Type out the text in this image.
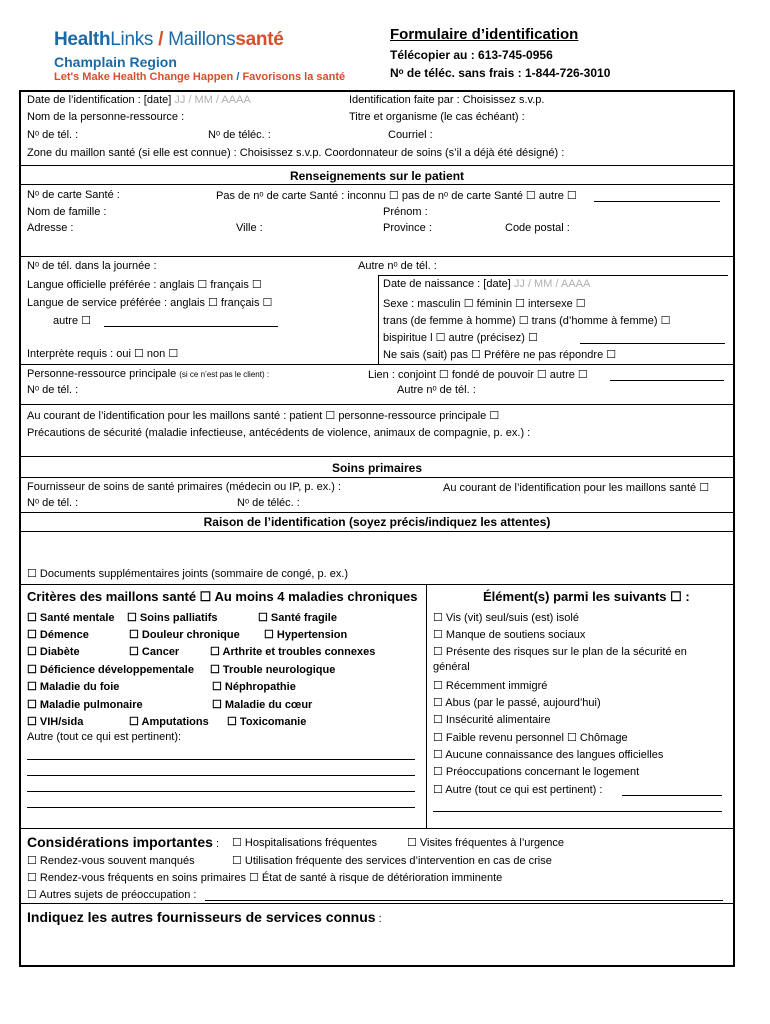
HealthLinks / Maillonssanté
Champlain Region
Let's Make Health Change Happen / Favorisons la santé
Formulaire d’identification
Télécopier au : 613-745-0956
Nᵒ de téléc. sans frais : 1-844-726-3010
Date de l’identification : [date] JJ / MM / AAAA	Identification faite par : Choisissez s.v.p.
Nom de la personne-ressource :	Titre et organisme (le cas échéant) :
Nᵒ de tél. :	Nᵒ de téléc. :	Courriel :
Zone du maillon santé (si elle est connue) : Choisissez s.v.p. Coordonnateur de soins (s’il a déjà été désigné) :
Renseignements sur le patient
Nᵒ de carte Santé :	Pas de nᵒ de carte Santé : inconnu ☐ pas de nᵒ de carte Santé ☐ autre ☐
Nom de famille :	Prénom :
Adresse :	Ville :	Province :	Code postal :
Nᵒ de tél. dans la journée :	Autre nᵒ de tél. :
Langue officielle préférée : anglais ☐ français ☐	Date de naissance : [date] JJ / MM / AAAA
Langue de service préférée : anglais ☐ français ☐	Sexe : masculin ☐ féminin ☐ intersexe ☐
autre ☐	trans (de femme à homme) ☐ trans (d’homme à femme) ☐
bispiritue l ☐ autre (précisez) ☐
Interprète requis : oui ☐ non ☐	Ne sais (sait) pas ☐ Préfère ne pas répondre ☐
Personne-ressource principale (si ce n’est pas le client) :	Lien : conjoint ☐ fondé de pouvoir ☐ autre ☐
Nᵒ de tél. :	Autre nᵒ de tél. :
Au courant de l’identification pour les maillons santé : patient ☐ personne-ressource principale ☐
Précautions de sécurité (maladie infectieuse, antécédents de violence, animaux de compagnie, p. ex.) :
Soins primaires
Fournisseur de soins de santé primaires (médecin ou IP, p. ex.) :	Au courant de l’identification pour les maillons santé ☐
Nᵒ de tél. :	Nᵒ de téléc. :
Raison de l’identification (soyez précis/indiquez les attentes)
☐ Documents supplémentaires joints (sommaire de congé, p. ex.)
Critères des maillons santé ☐ Au moins 4 maladies chroniques
☐ Santé mentale ☐ Soins palliatifs	☐ Santé fragile
☐ Démence	☐ Douleur chronique ☐ Hypertension
☐ Diabète	☐ Cancer	☐ Arthrite et troubles connexes
☐ Déficience développementale ☐ Trouble neurologique
☐ Maladie du foie	☐ Néphropathie
☐ Maladie pulmonaire	☐ Maladie du cœur
☐ VIH/sida	☐ Amputations ☐ Toxicomanie
Autre (tout ce qui est pertinent):
Élément(s) parmi les suivants ☐ :
☐ Vis (vit) seul/suis (est) isolé
☐ Manque de soutiens sociaux
☐ Présente des risques sur le plan de la sécurité en
général
☐ Récemment immigré
☐ Abus (par le passé, aujourd’hui)
☐ Insécurité alimentaire
☐ Faible revenu personnel ☐ Chômage
☐ Aucune connaissance des langues officielles
☐ Préoccupations concernant le logement
☐ Autre (tout ce qui est pertinent) :
Considérations importantes : ☐ Hospitalisations fréquentes	☐ Visites fréquentes à l’urgence
☐ Rendez-vous souvent manqués	☐ Utilisation fréquente des services d’intervention en cas de crise
☐ Rendez-vous fréquents en soins primaires ☐ État de santé à risque de détérioration imminente
☐ Autres sujets de préoccupation :
Indiquez les autres fournisseurs de services connus :
